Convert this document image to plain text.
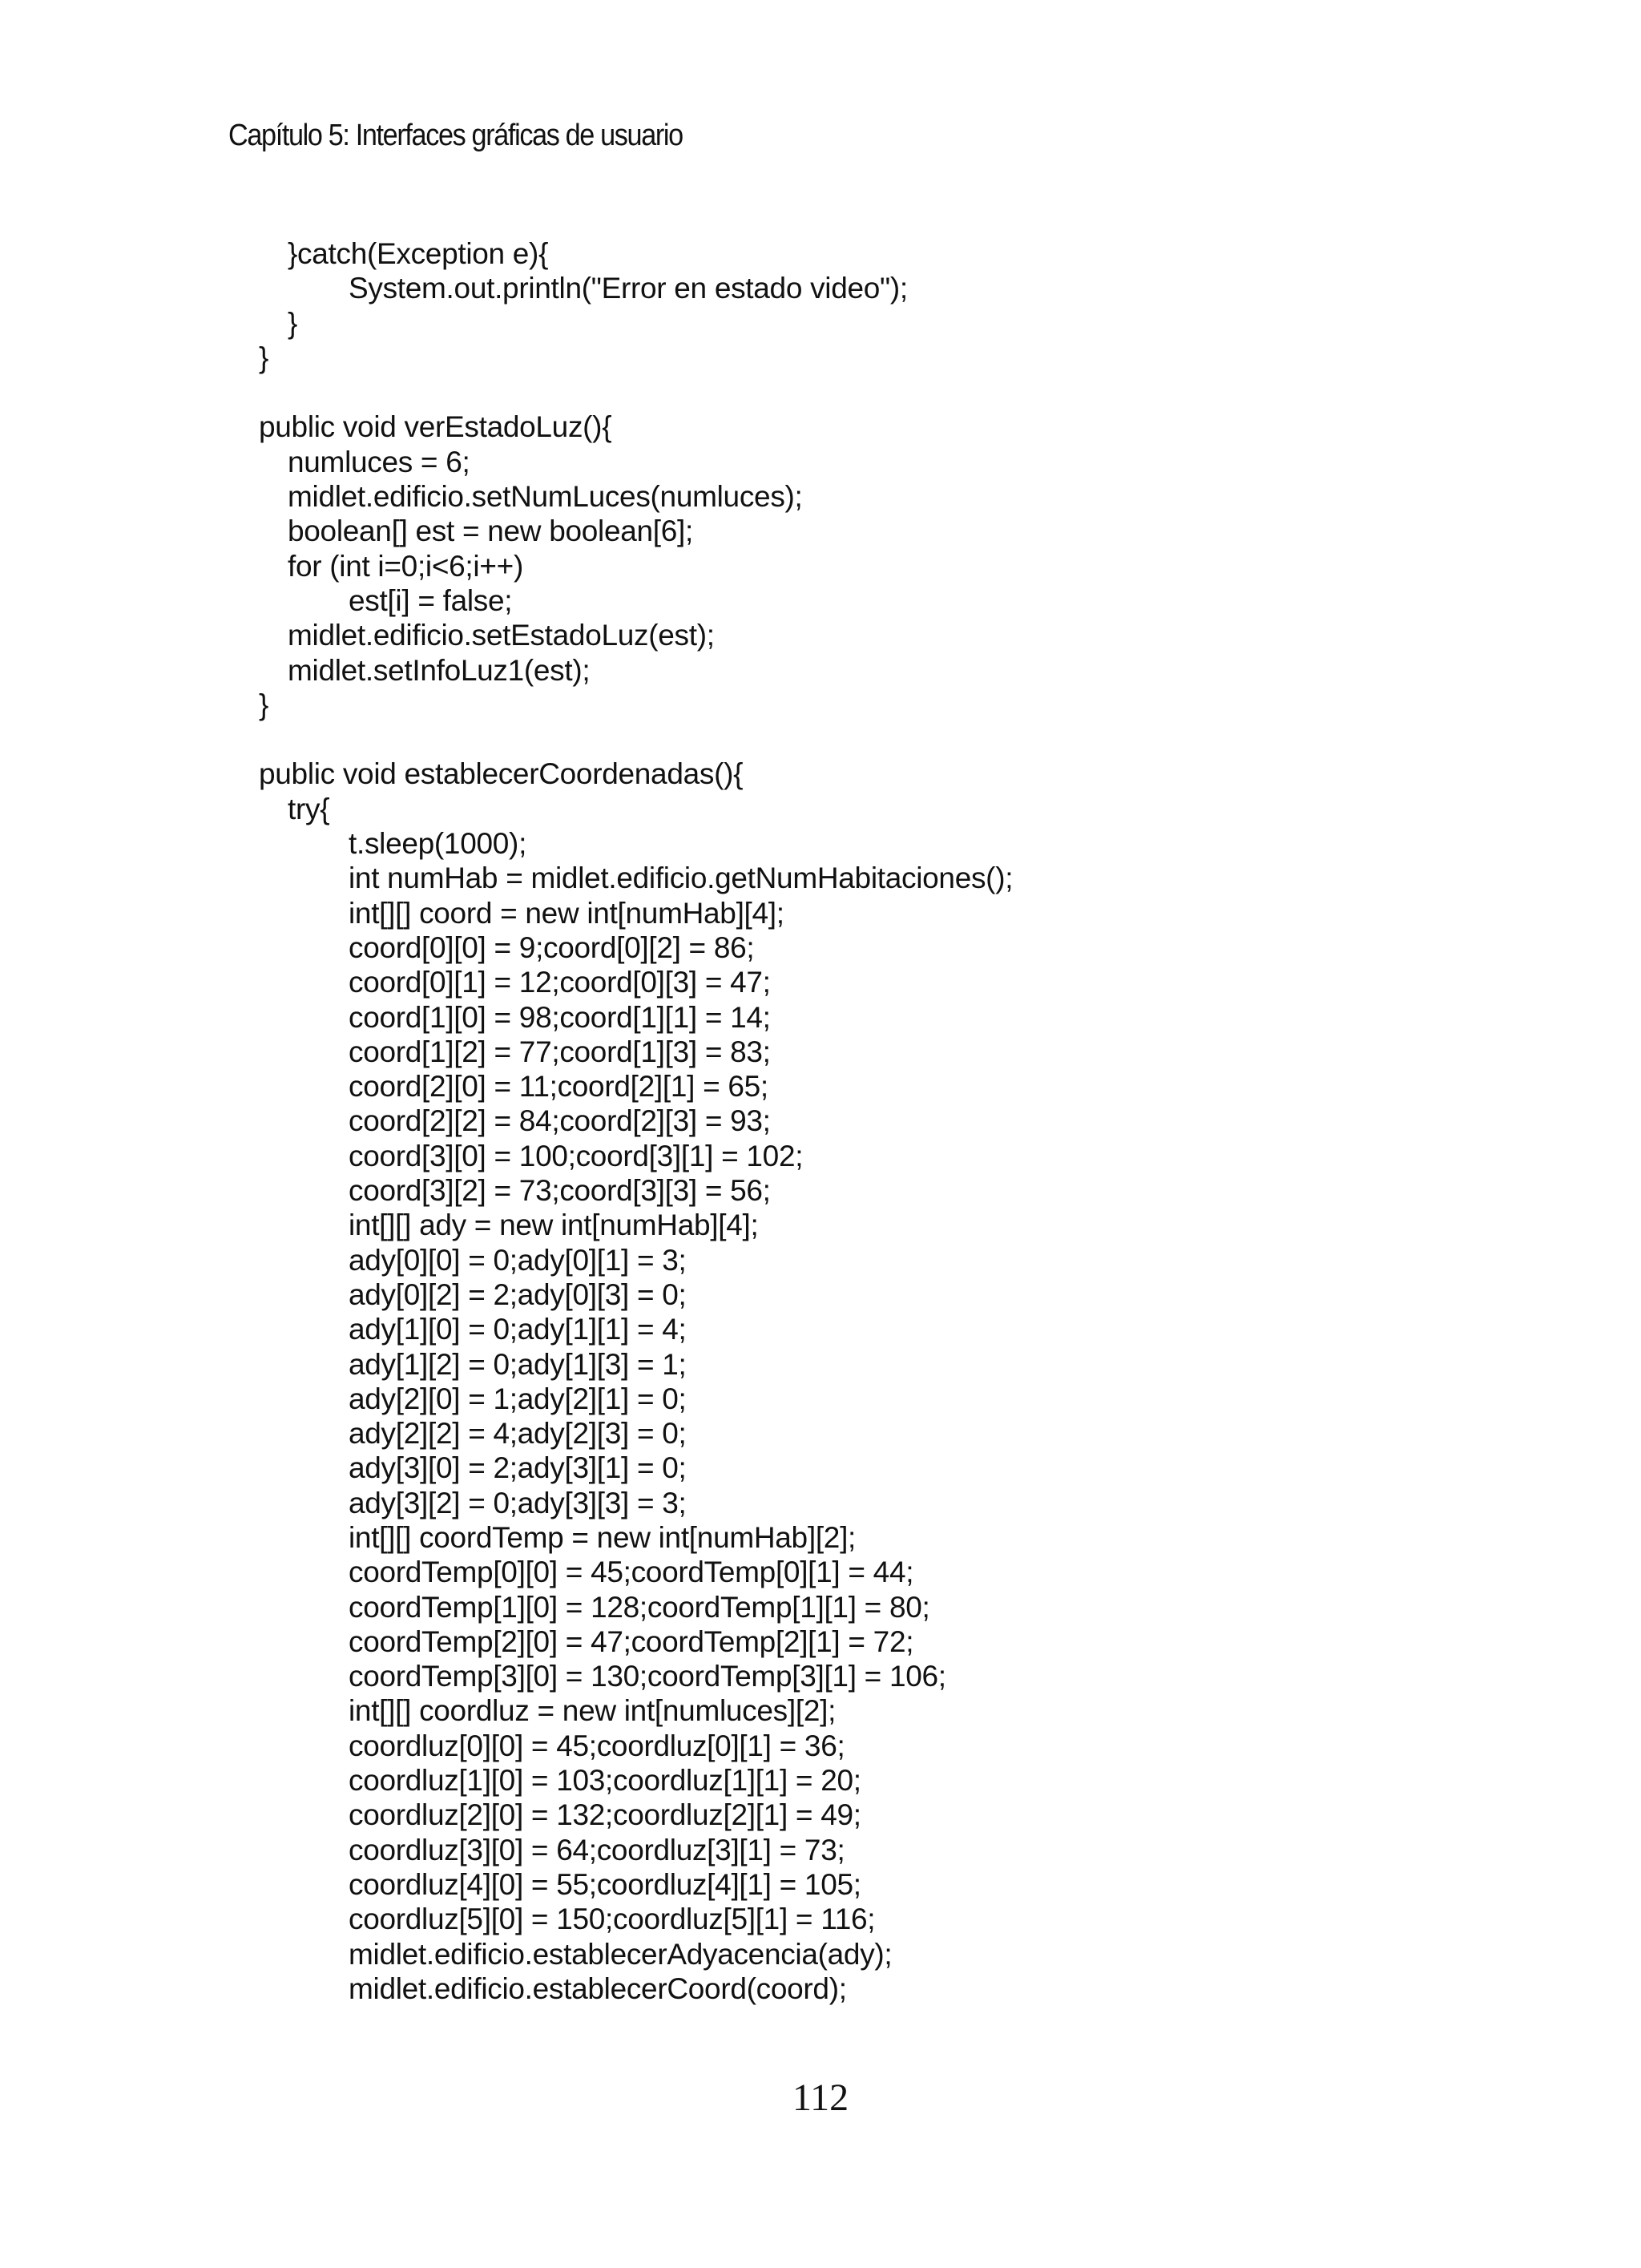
Capítulo 5: Interfaces gráficas de usuario
}catch(Exception e){
System.out.println("Error en estado video");
}
}
public void verEstadoLuz(){
numluces = 6;
midlet.edificio.setNumLuces(numluces);
boolean[] est = new boolean[6];
for (int i=0;i<6;i++)
est[i] = false;
midlet.edificio.setEstadoLuz(est);
midlet.setInfoLuz1(est);
}
public void establecerCoordenadas(){
try{
t.sleep(1000);
int numHab = midlet.edificio.getNumHabitaciones();
int[][] coord = new int[numHab][4];
coord[0][0] = 9;coord[0][2] = 86;
coord[0][1] = 12;coord[0][3] = 47;
coord[1][0] = 98;coord[1][1] = 14;
coord[1][2] = 77;coord[1][3] = 83;
coord[2][0] = 11;coord[2][1] = 65;
coord[2][2] = 84;coord[2][3] = 93;
coord[3][0] = 100;coord[3][1] = 102;
coord[3][2] = 73;coord[3][3] = 56;
int[][] ady = new int[numHab][4];
ady[0][0] = 0;ady[0][1] = 3;
ady[0][2] = 2;ady[0][3] = 0;
ady[1][0] = 0;ady[1][1] = 4;
ady[1][2] = 0;ady[1][3] = 1;
ady[2][0] = 1;ady[2][1] = 0;
ady[2][2] = 4;ady[2][3] = 0;
ady[3][0] = 2;ady[3][1] = 0;
ady[3][2] = 0;ady[3][3] = 3;
int[][] coordTemp = new int[numHab][2];
coordTemp[0][0] = 45;coordTemp[0][1] = 44;
coordTemp[1][0] = 128;coordTemp[1][1] = 80;
coordTemp[2][0] = 47;coordTemp[2][1] = 72;
coordTemp[3][0] = 130;coordTemp[3][1] = 106;
int[][] coordluz = new int[numluces][2];
coordluz[0][0] = 45;coordluz[0][1] = 36;
coordluz[1][0] = 103;coordluz[1][1] = 20;
coordluz[2][0] = 132;coordluz[2][1] = 49;
coordluz[3][0] = 64;coordluz[3][1] = 73;
coordluz[4][0] = 55;coordluz[4][1] = 105;
coordluz[5][0] = 150;coordluz[5][1] = 116;
midlet.edificio.establecerAdyacencia(ady);
midlet.edificio.establecerCoord(coord);
112
